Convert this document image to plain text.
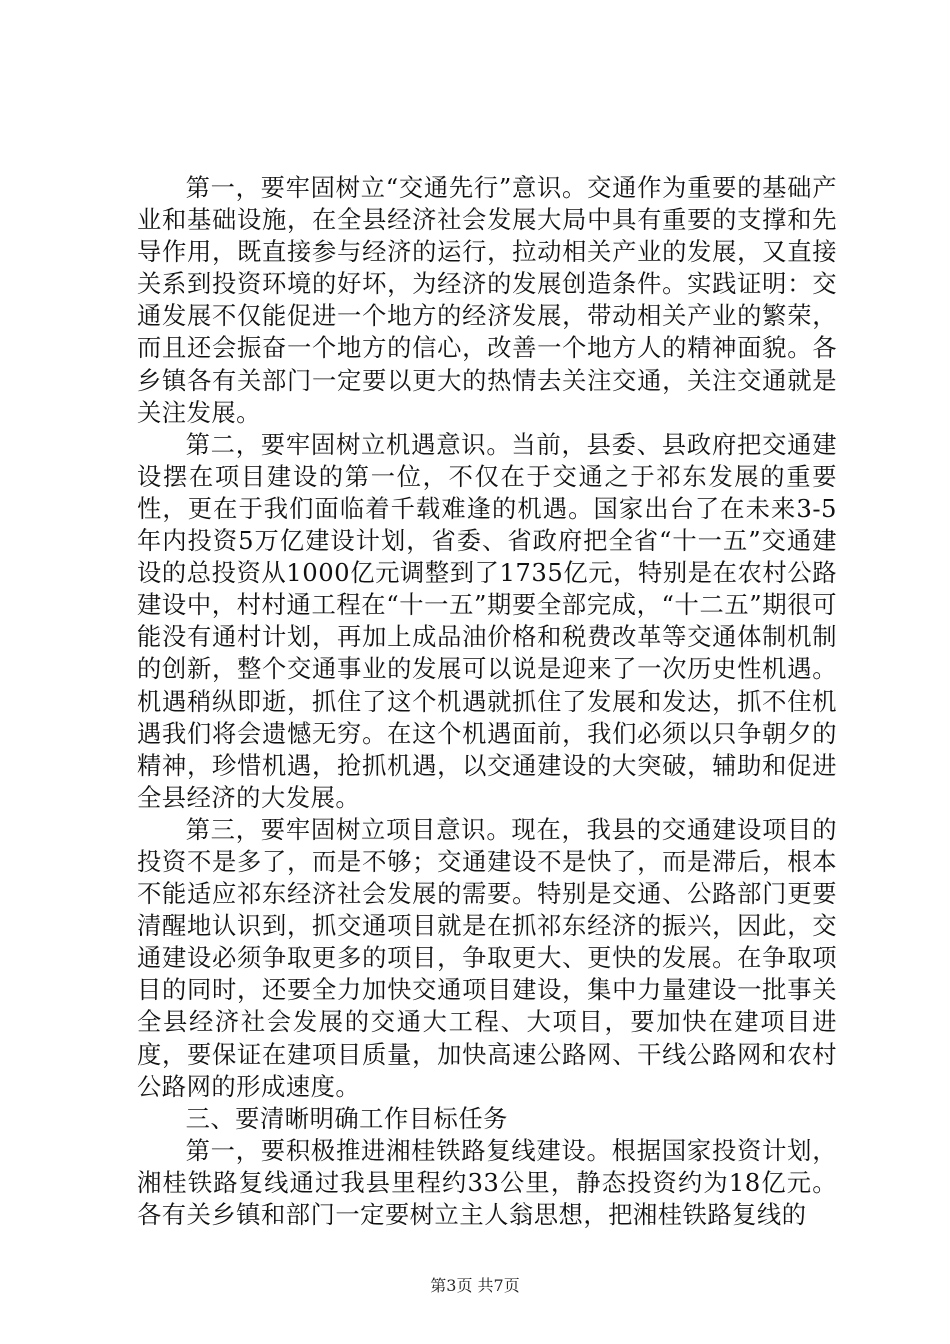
第一，要牢固树立“交通先行”意识。交通作为重要的基础产业和基础设施，在全县经济社会发展大局中具有重要的支撑和先导作用，既直接参与经济的运行，拉动相关产业的发展，又直接关系到投资环境的好坏，为经济的发展创造条件。实践证明：交通发展不仅能促进一个地方的经济发展，带动相关产业的繁荣，而且还会振奋一个地方的信心，改善一个地方人的精神面貌。各乡镇各有关部门一定要以更大的热情去关注交通，关注交通就是关注发展。

第二，要牢固树立机遇意识。当前，县委、县政府把交通建设摆在项目建设的第一位，不仅在于交通之于祁东发展的重要性，更在于我们面临着千载难逢的机遇。国家出台了在未来3-5年内投资5万亿建设计划，省委、省政府把全省“十一五”交通建设的总投资从1000亿元调整到了1735亿元，特别是在农村公路建设中，村村通工程在“十一五”期要全部完成，“十二五”期很可能没有通村计划，再加上成品油价格和税费改革等交通体制机制的创新，整个交通事业的发展可以说是迎来了一次历史性机遇。机遇稍纵即逝，抓住了这个机遇就抓住了发展和发达，抓不住机遇我们将会遗憾无穷。在这个机遇面前，我们必须以只争朝夕的精神，珍惜机遇，抢抓机遇，以交通建设的大突破，辅助和促进全县经济的大发展。

第三，要牢固树立项目意识。现在，我县的交通建设项目的投资不是多了，而是不够；交通建设不是快了，而是滞后，根本不能适应祁东经济社会发展的需要。特别是交通、公路部门更要清醒地认识到，抓交通项目就是在抓祁东经济的振兴，因此，交通建设必须争取更多的项目，争取更大、更快的发展。在争取项目的同时，还要全力加快交通项目建设，集中力量建设一批事关全县经济社会发展的交通大工程、大项目，要加快在建项目进度，要保证在建项目质量，加快高速公路网、干线公路网和农村公路网的形成速度。

三、要清晰明确工作目标任务

第一，要积极推进湘桂铁路复线建设。根据国家投资计划，湘桂铁路复线通过我县里程约33公里，静态投资约为18亿元。各有关乡镇和部门一定要树立主人翁思想，把湘桂铁路复线的

第3页 共7页
